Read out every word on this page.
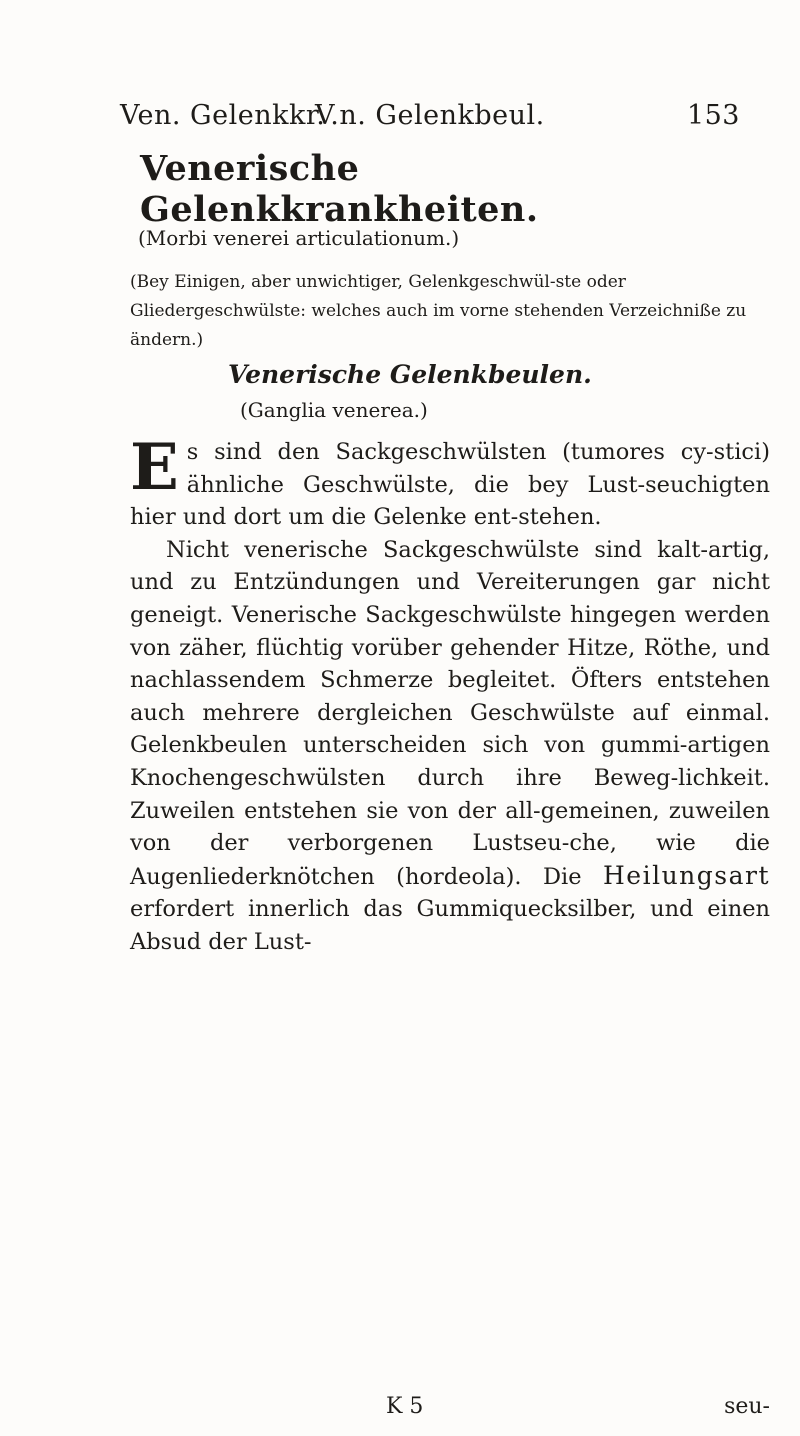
Ven. Gelenkkr.
V.n. Gelenkbeul.	153
Venerische Gelenkkrankheiten.
(Morbi venerei articulationum.)
(Bey Einigen, aber unwichtiger, Gelenkgeschwül-ste oder Gliedergeschwülste: welches auch im vorne stehenden Verzeichniße zu ändern.)
Venerische Gelenkbeulen.
(Ganglia venerea.)

Es sind den Sackgeschwülsten (tumores cy-stici) ähnliche Geschwülste, die bey Lust-seuchigten hier und dort um die Gelenke ent-stehen.

Nicht venerische Sackgeschwülste sind kalt-artig, und zu Entzündungen und Vereiterungen gar nicht geneigt. Venerische Sackgeschwülste hingegen werden von zäher, flüchtig vorüber gehender Hitze, Röthe, und nachlassendem Schmerze begleitet. Öfters entstehen auch mehrere dergleichen Geschwülste auf einmal. Gelenkbeulen unterscheiden sich von gummi-artigen Knochengeschwülsten durch ihre Beweg-lichkeit. Zuweilen entstehen sie von der all-gemeinen, zuweilen von der verborgenen Lustseu-che, wie die Augenliederknötchen (hordeola). Die Heilungsart erfordert innerlich das Gummiquecksilber, und einen Absud der Lust-

K 5	seu-
